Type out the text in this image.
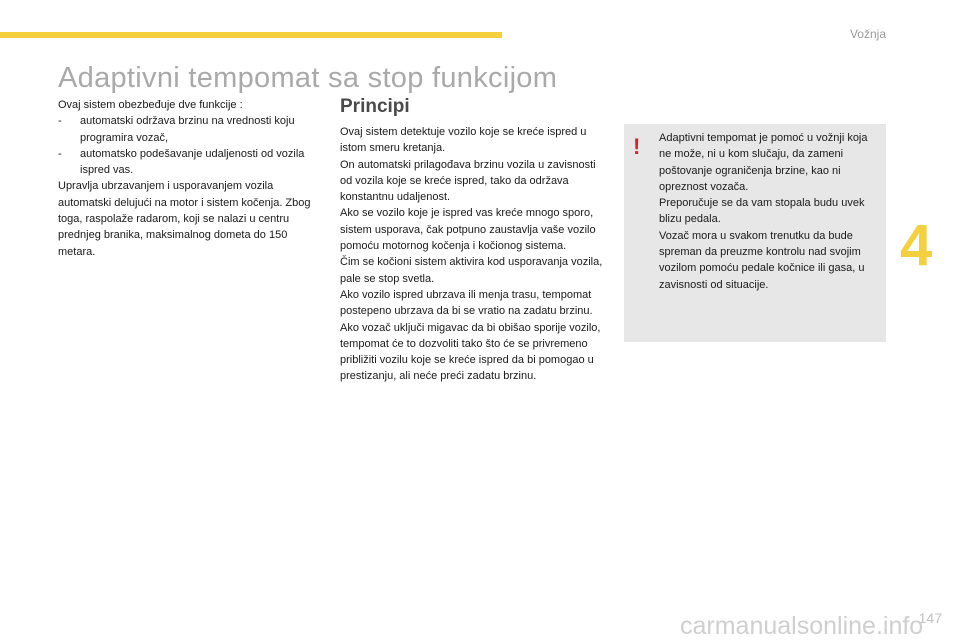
Vožnja
Adaptivni tempomat sa stop funkcijom
4

Ovaj sistem obezbeđuje dve funkcije :

-	automatski održava brzinu na vrednosti koju programira vozač,
-	automatsko podešavanje udaljenosti od vozila ispred vas.

Upravlja ubrzavanjem i usporavanjem vozila automatski delujući na motor i sistem kočenja. Zbog toga, raspolaže radarom, koji se nalazi u centru prednjeg branika, maksimalnog dometa do 150 metara.

Principi

Ovaj sistem detektuje vozilo koje se kreće ispred u istom smeru kretanja.

On automatski prilagođava brzinu vozila u zavisnosti od vozila koje se kreće ispred, tako da održava konstantnu udaljenost.

Ako se vozilo koje je ispred vas kreće mnogo sporo, sistem usporava, čak potpuno zaustavlja vaše vozilo pomoću motornog kočenja i kočionog sistema.

Čim se kočioni sistem aktivira kod usporavanja vozila, pale se stop svetla.

Ako vozilo ispred ubrzava ili menja trasu, tempomat postepeno ubrzava da bi se vratio na zadatu brzinu.

Ako vozač uključi migavac da bi obišao sporije vozilo, tempomat će to dozvoliti tako što će se privremeno približiti vozilu koje se kreće ispred da bi pomogao u prestizanju, ali neće preći zadatu brzinu.

! Adaptivni tempomat je pomoć u vožnji koja ne može, ni u kom slučaju, da zameni poštovanje ograničenja brzine, kao ni opreznost vozača.

Preporučuje se da vam stopala budu uvek blizu pedala.

Vozač mora u svakom trenutku da bude spreman da preuzme kontrolu nad svojim vozilom pomoću pedale kočnice ili gasa, u zavisnosti od situacije.

147
carmanualsonline.info
